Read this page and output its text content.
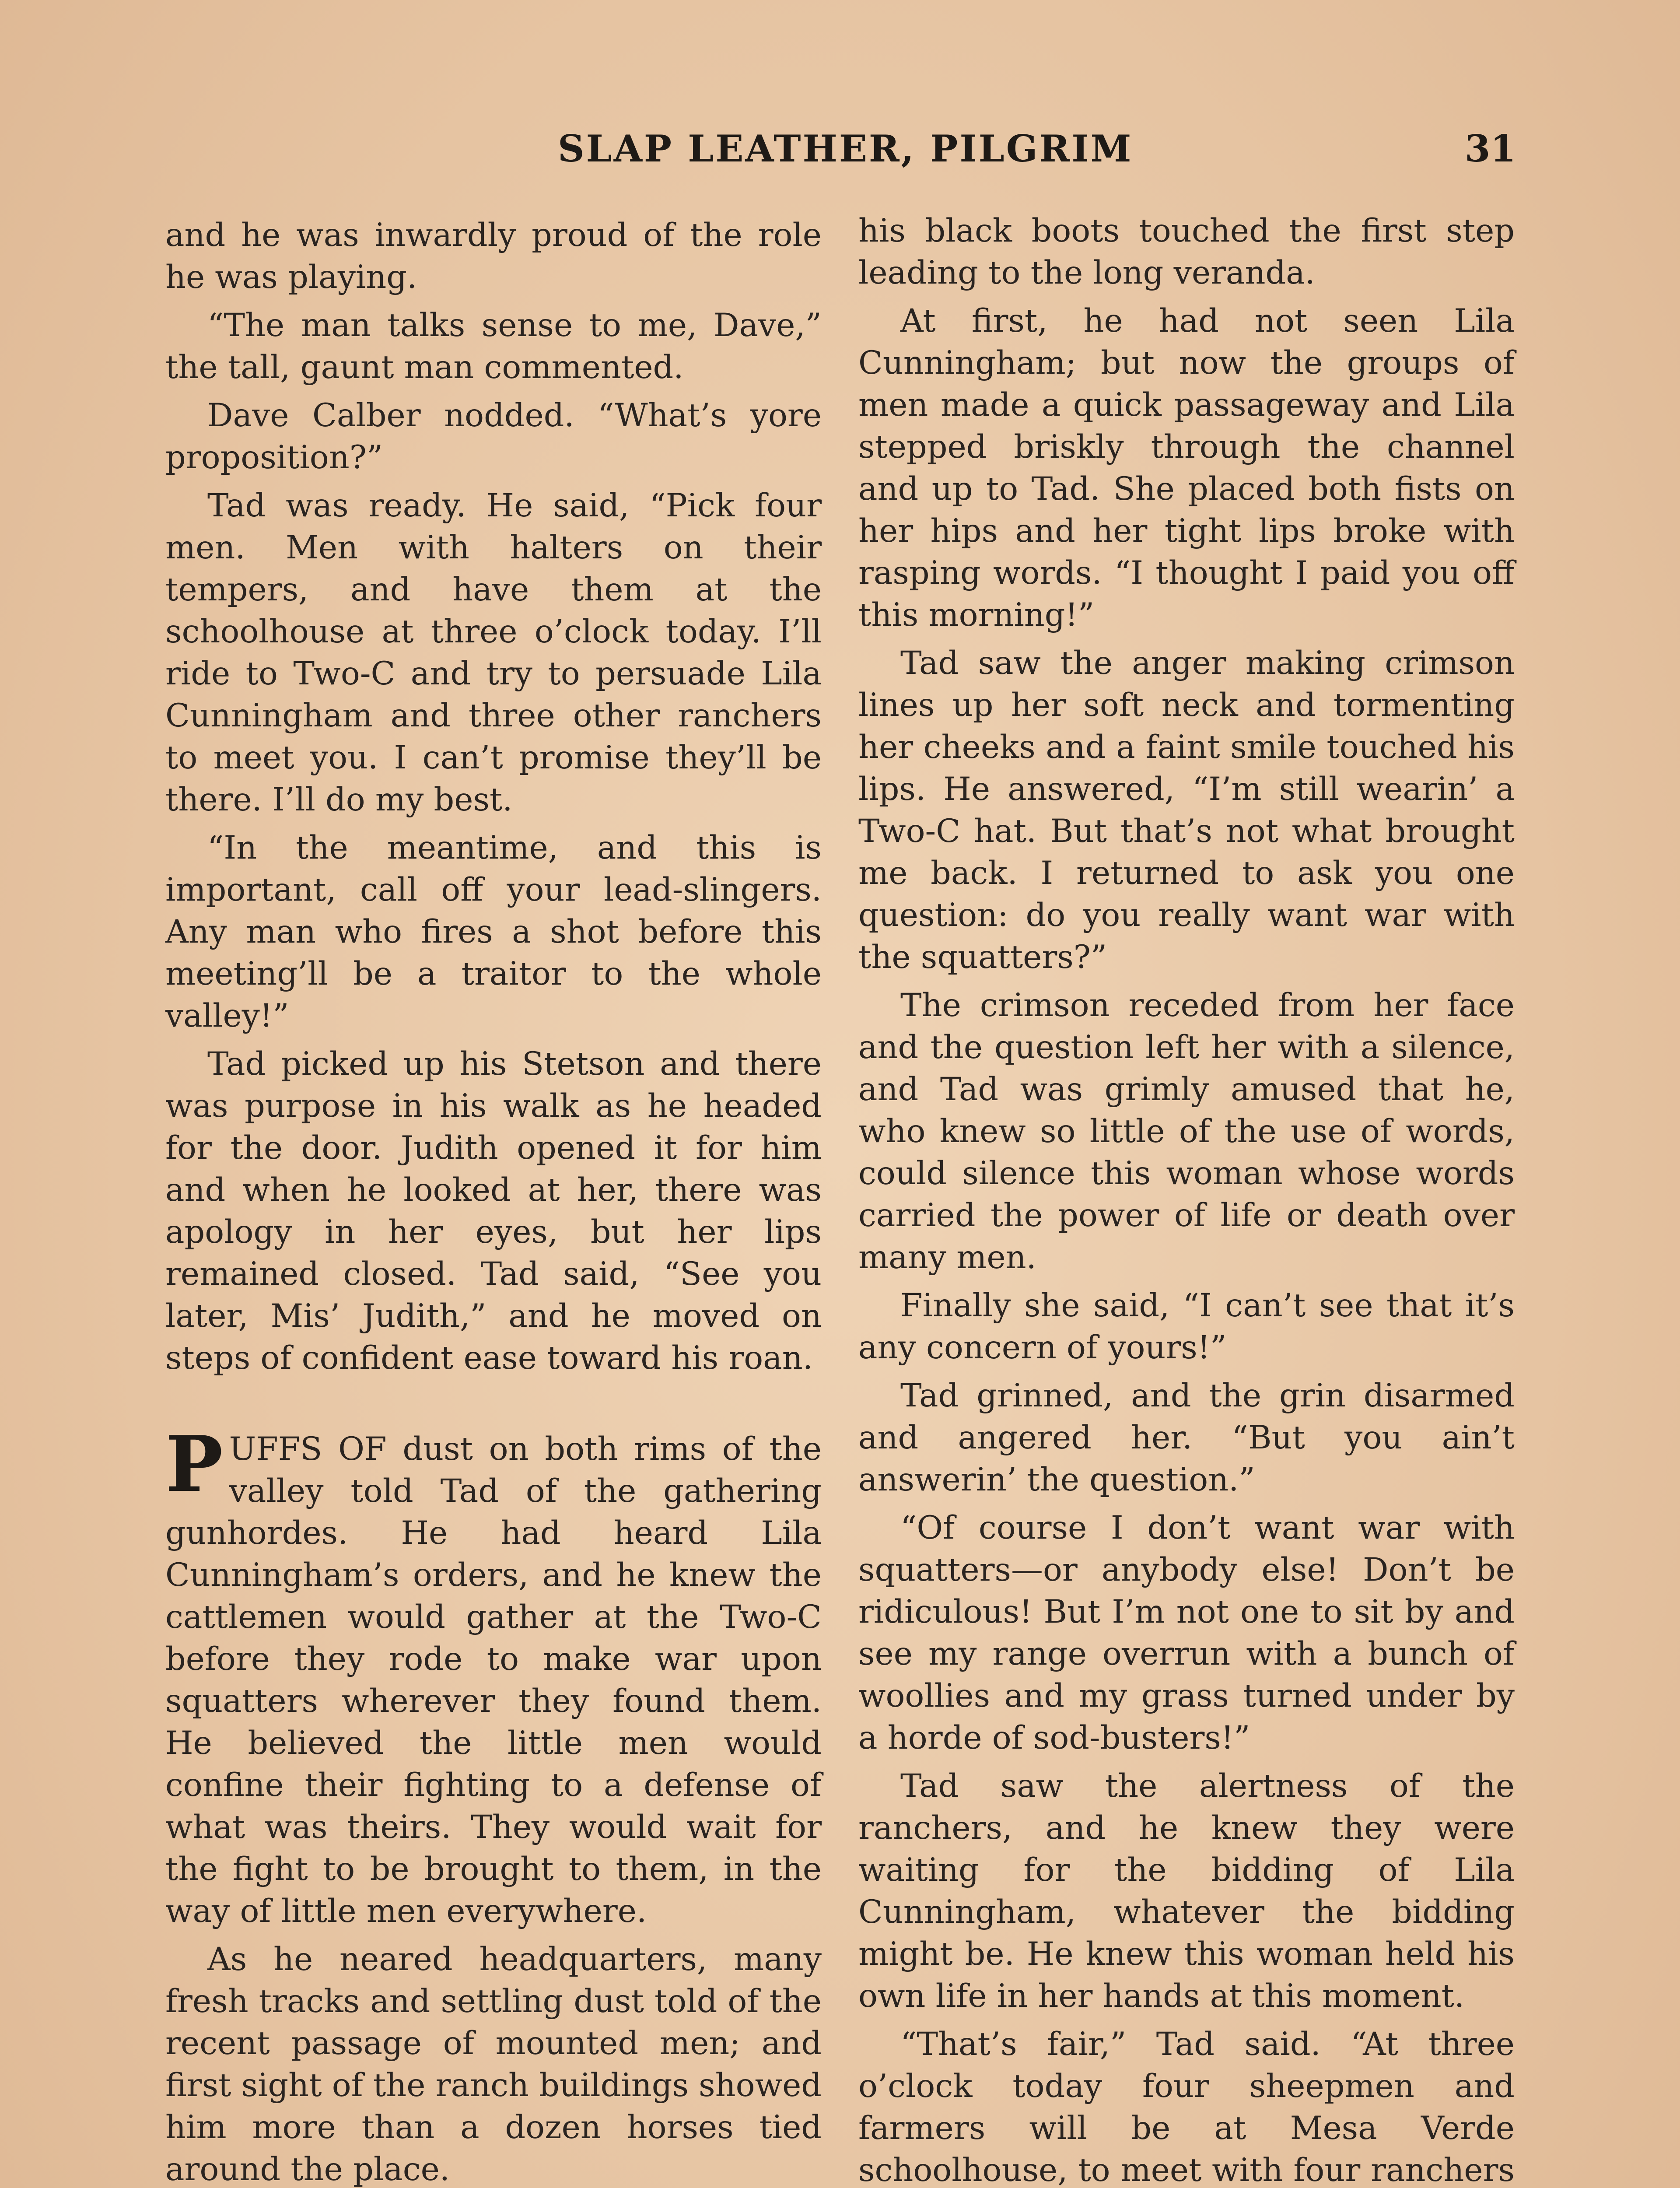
SLAP LEATHER, PILGRIM	31

and he was inwardly proud of the role he was playing.

“The man talks sense to me, Dave,” the tall, gaunt man commented.

Dave Calber nodded. “What’s yore proposition?”

Tad was ready. He said, “Pick four men. Men with halters on their tempers, and have them at the schoolhouse at three o’clock today. I’ll ride to Two-C and try to persuade Lila Cunningham and three other ranchers to meet you. I can’t promise they’ll be there. I’ll do my best.

“In the meantime, and this is important, call off your lead-slingers. Any man who fires a shot before this meeting’ll be a traitor to the whole valley!”

Tad picked up his Stetson and there was purpose in his walk as he headed for the door. Judith opened it for him and when he looked at her, there was apology in her eyes, but her lips remained closed. Tad said, “See you later, Mis’ Judith,” and he moved on steps of confident ease toward his roan.

PUFFS OF dust on both rims of the valley told Tad of the gathering gunhordes. He had heard Lila Cunningham’s orders, and he knew the cattlemen would gather at the Two-C before they rode to make war upon squatters wherever they found them. He believed the little men would confine their fighting to a defense of what was theirs. They would wait for the fight to be brought to them, in the way of little men everywhere.

As he neared headquarters, many fresh tracks and settling dust told of the recent passage of mounted men; and first sight of the ranch buildings showed him more than a dozen horses tied around the place.

his black boots touched the first step leading to the long veranda.

At first, he had not seen Lila Cunningham; but now the groups of men made a quick passageway and Lila stepped briskly through the channel and up to Tad. She placed both fists on her hips and her tight lips broke with rasping words. “I thought I paid you off this morning!”

Tad saw the anger making crimson lines up her soft neck and tormenting her cheeks and a faint smile touched his lips. He answered, “I’m still wearin’ a Two-C hat. But that’s not what brought me back. I returned to ask you one question: do you really want war with the squatters?”

The crimson receded from her face and the question left her with a silence, and Tad was grimly amused that he, who knew so little of the use of words, could silence this woman whose words carried the power of life or death over many men.

Finally she said, “I can’t see that it’s any concern of yours!”

Tad grinned, and the grin disarmed and angered her. “But you ain’t answerin’ the question.”

“Of course I don’t want war with squatters—or anybody else! Don’t be ridiculous! But I’m not one to sit by and see my range overrun with a bunch of woollies and my grass turned under by a horde of sod-busters!”

Tad saw the alertness of the ranchers, and he knew they were waiting for the bidding of Lila Cunningham, whatever the bidding might be. He knew this woman held his own life in her hands at this moment.

“That’s fair,” Tad said. “At three o’clock today four sheepmen and farmers will be at Mesa Verde schoolhouse, to meet with four ranchers
